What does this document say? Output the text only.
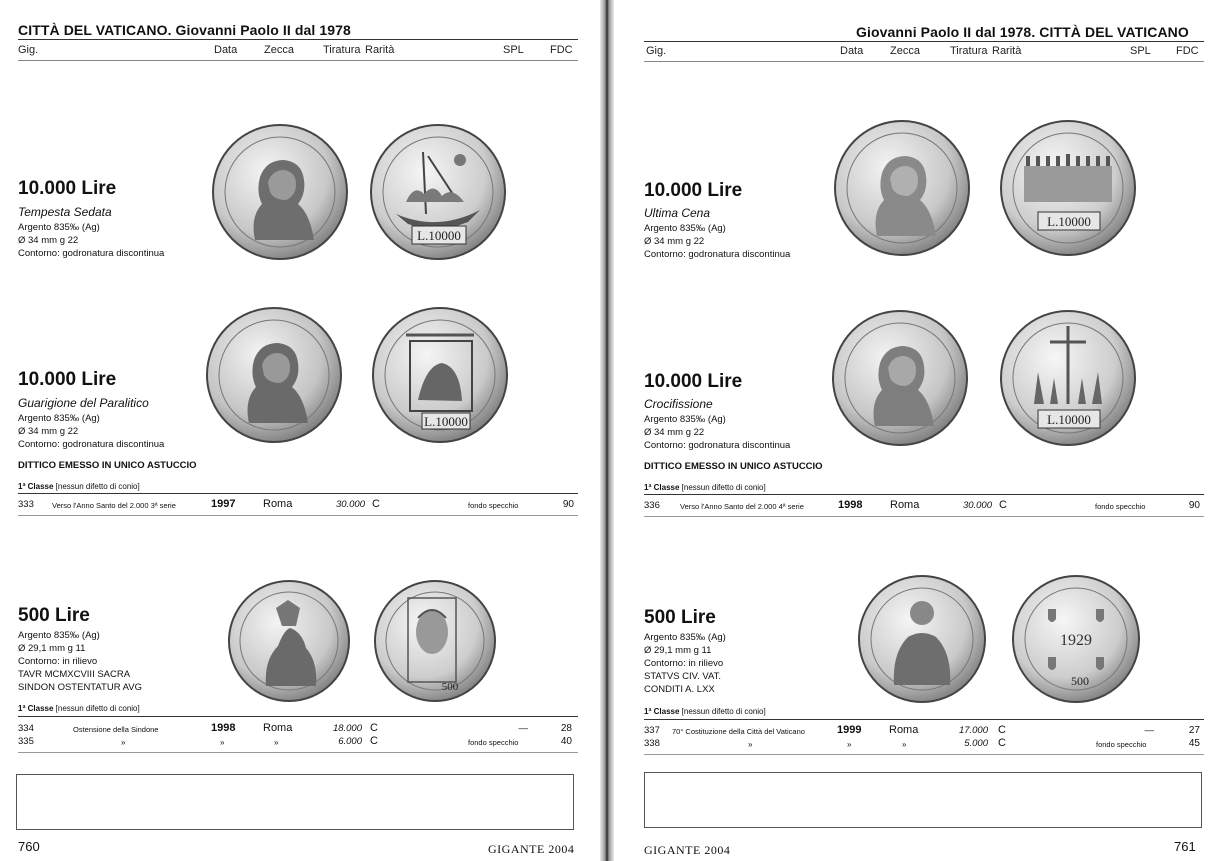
CITTÀ DEL VATICANO. Giovanni Paolo II dal 1978
Gig.	Data Zecca	Tiratura Rarità	SPL FDC
L.10000
10.000 Lire
Tempesta Sedata
Argento 835‰ (Ag)
Ø 34 mm g 22
Contorno: godronatura discontinua
L.10000
10.000 Lire
Guarigione del Paralitico
Argento 835‰ (Ag)
Ø 34 mm g 22
Contorno: godronatura discontinua
DITTICO EMESSO IN UNICO ASTUCCIO
1ª Classe [nessun difetto di conio]
333 Verso l'Anno Santo del 2.000 3ª serie	1997	Roma	30.000 C	fondo specchio	90
500
500 Lire
Argento 835‰ (Ag)
Ø 29,1 mm g 11
Contorno: in rilievo
TAVR MCMXCVIII SACRA
SINDON OSTENTATUR AVG
1ª Classe [nessun difetto di conio]
334	Ostensione della Sindone	1998	Roma	18.000 C	—	28
335	»	»	»	6.000 C	fondo specchio	40
760	GIGANTE 2004
Giovanni Paolo II dal 1978. CITTÀ DEL VATICANO
Gig.	Data Zecca	Tiratura Rarità	SPL FDC
L.10000
10.000 Lire
Ultima Cena
Argento 835‰ (Ag)
Ø 34 mm g 22
Contorno: godronatura discontinua
L.10000
10.000 Lire
Crocifissione
Argento 835‰ (Ag)
Ø 34 mm g 22
Contorno: godronatura discontinua
DITTICO EMESSO IN UNICO ASTUCCIO
1ª Classe [nessun difetto di conio]
336	Verso l'Anno Santo del 2.000 4ª serie	1998	Roma	30.000 C	fondo specchio	90
1929
500
500 Lire
Argento 835‰ (Ag)
Ø 29,1 mm g 11
Contorno: in rilievo
STATVS CIV. VAT.
CONDITI A. LXX
1ª Classe [nessun difetto di conio]
337 70° Costituzione della Città del Vaticano	1999	Roma	17.000 C	—	27
338	»	»	»	5.000 C	fondo specchio	45
GIGANTE 2004	761
